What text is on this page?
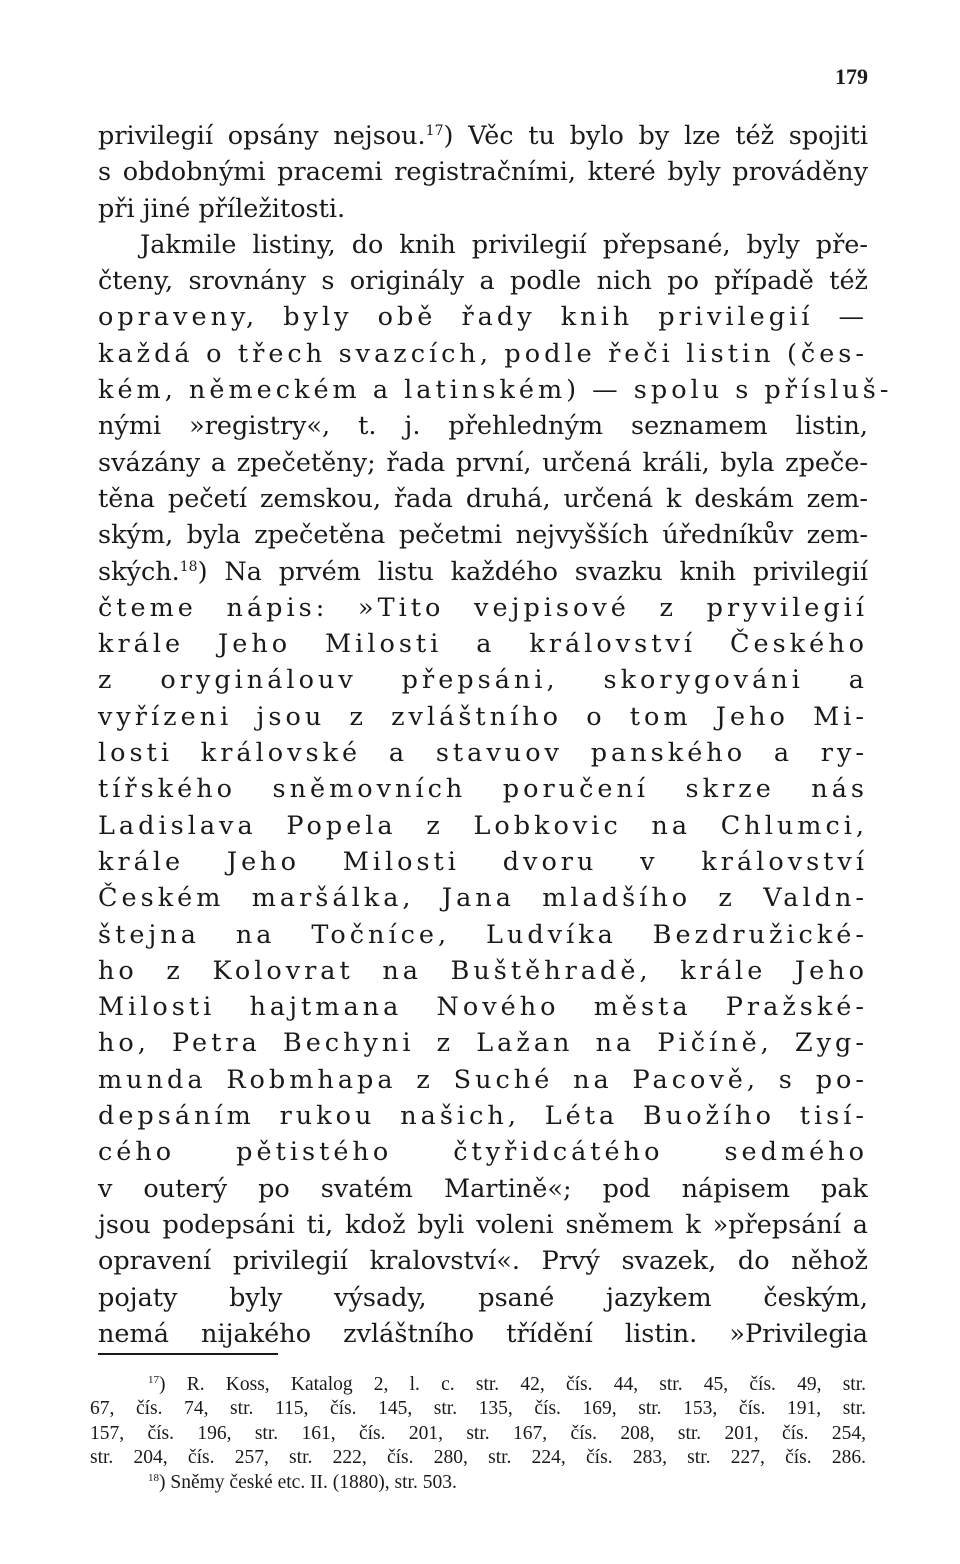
179
privilegií opsány nejsou.$^{17}$) Věc tu bylo by lze též spojiti
s obdobnými pracemi registračními, které byly prováděny
při jiné příležitosti.
Jakmile listiny, do knih privilegií přepsané, byly pře-
čteny, srovnány s originály a podle nich po případě též
opraveny, byly obě řady knih privilegií —
každá o třech svazcích, podle řeči listin (čes-
kém, německém a latinském) — spolu s přísluš-
nými »registry«, t. j. přehledným seznamem listin,
svázány a zpečetěny; řada první, určená králi, byla zpeče-
těna pečetí zemskou, řada druhá, určená k deskám zem-
ským, byla zpečetěna pečetmi nejvyšších úředníkův zem-
ských.$^{18}$) Na prvém listu každého svazku knih privilegií
čteme nápis: »Tito vejpisové z pryvilegií
krále Jeho Milosti a království Českého
z oryginálouv přepsáni, skorygováni a
vyřízeni jsou z zvláštního o tom Jeho Mi-
losti královské a stavuov panského a ry-
tířského sněmovních poručení skrze nás
Ladislava Popela z Lobkovic na Chlumci,
krále Jeho Milosti dvoru v království
Českém maršálka, Jana mladšího z Valdn-
štejna na Točníce, Ludvíka Bezdružické-
ho z Kolovrat na Buštěhradě, krále Jeho
Milosti hajtmana Nového města Pražské-
ho, Petra Bechyni z Lažan na Pičíně, Zyg-
munda Robmhapa z Suché na Pacově, s po-
depsáním rukou našich, Léta Buožího tisí-
cého pětistého čtyřidcátého sedmého
v outerý po svatém Martině«; pod nápisem pak
jsou podepsáni ti, kdož byli voleni sněmem k »přepsání a
opravení privilegií kralovství«. Prvý svazek, do něhož
pojaty byly výsady, psané jazykem českým,
nemá nijakého zvláštního třídění listin. »Privilegia
$^{17}$) R. Koss, Katalog 2, l. c. str. 42, čís. 44, str. 45, čís. 49, str.
67, čís. 74, str. 115, čís. 145, str. 135, čís. 169, str. 153, čís. 191, str.
157, čís. 196, str. 161, čís. 201, str. 167, čís. 208, str. 201, čís. 254,
str. 204, čís. 257, str. 222, čís. 280, str. 224, čís. 283, str. 227, čís. 286.
$^{18}$) Sněmy české etc. II. (1880), str. 503.
